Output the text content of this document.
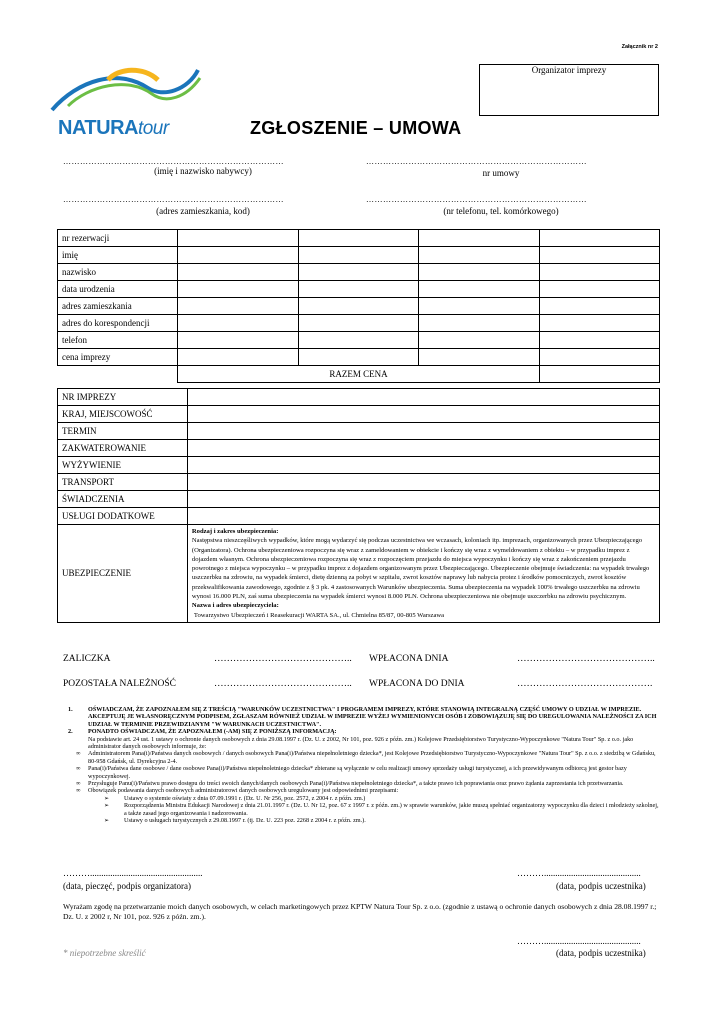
Załącznik nr 2
Organizator imprezy
NATURAtour	ZGŁOSZENIE – UMOWA
……………………………………………………………………
(imię i nazwisko nabywcy)
……………………………………………………………………
nr umowy
……………………………………………………………………
(adres zamieszkania, kod)
……………………………………………………………………
(nr telefonu, tel. komórkowego)
nr rezerwacji				
imię				
nazwisko				
data urodzenia				
adres zamieszkania				
adres do korespondencji				
telefon				
cena imprezy				
	RAZEM CENA			
NR IMPREZY	
KRAJ, MIEJSCOWOŚĆ	
TERMIN	
ZAKWATEROWANIE	
WYŻYWIENIE	
TRANSPORT	
ŚWIADCZENIA	
USŁUGI DODATKOWE	
UBEZPIECZENIE	Rodzaj i zakres ubezpieczenia:
Następstwa nieszczęśliwych wypadków, które mogą wydarzyć się podczas uczestnictwa we wczasach, koloniach itp. imprezach, organizowanych przez Ubezpieczającego (Organizatora). Ochrona ubezpieczeniowa rozpoczyna się wraz z zameldowaniem w obiekcie i kończy się wraz z wymeldowaniem z obiektu – w przypadku imprez z dojazdem własnym. Ochrona ubezpieczeniowa rozpoczyna się wraz z rozpoczęciem przejazdu do miejsca wypoczynku i kończy się wraz z zakończeniem przejazdu powrotnego z miejsca wypoczynku – w przypadku imprez z dojazdem organizowanym przez Ubezpieczającego. Ubezpieczenie obejmuje świadczenia: na wypadek trwałego uszczerbku na zdrowiu, na wypadek śmierci, dietę dzienną za pobyt w szpitalu, zwrot kosztów naprawy lub nabycia protez i środków pomocniczych, zwrot kosztów przekwalifikowania zawodowego, zgodnie z § 3 pk. 4 zastosowanych Warunków ubezpieczenia. Suma ubezpieczenia na wypadek 100% trwałego uszczerbku na zdrowiu wynosi 16.000 PLN, zaś suma ubezpieczenia na wypadek śmierci wynosi 8.000 PLN. Ochrona ubezpieczeniowa nie obejmuje uszczerbku na zdrowiu psychicznym.
Nazwa i adres ubezpieczyciela:
Towarzystwo Ubezpieczeń i Reasekuracji WARTA SA., ul. Chmielna 85/87, 00-805 Warszawa
ZALICZKA	…………………………………….. WPŁACONA DNIA	……………………………………..
POZOSTAŁA NALEŻNOŚĆ	…………………………………….. WPŁACONA DO DNIA	…………………………………….
1. OŚWIADCZAM, ŻE ZAPOZNAŁEM SIĘ Z TREŚCIĄ "WARUNKÓW UCZESTNICTWA" I PROGRAMEM IMPREZY, KTÓRE STANOWIĄ INTEGRALNĄ CZĘŚĆ UMOWY O UDZIAŁ W IMPREZIE. AKCEPTUJĘ JE WŁASNORĘCZNYM PODPISEM, ZGŁASZAM RÓWNIEŻ UDZIAŁ W IMPREZIE WYŻEJ WYMIENIONYCH OSÓB I ZOBOWIĄZUJĘ SIĘ DO UREGULOWANIA NALEŻNOŚCI ZA ICH UDZIAŁ W TERMINIE PRZEWIDZIANYM "W WARUNKACH UCZESTNICTWA".
2. PONADTO OŚWIADCZAM, ŻE ZAPOZNAŁEM (-AM) SIĘ Z PONIŻSZĄ INFORMACJĄ:
Na podstawie art. 24 ust. 1 ustawy o ochronie danych osobowych z dnia 29.08.1997 r. (Dz. U. z 2002, Nr 101, poz. 926 z późn. zm.) Kolejowe Przedsiębiorstwo Turystyczno-Wypoczynkowe "Natura Tour" Sp. z o.o. jako administrator danych osobowych informuje, że:
∞	Administratorem Pana(i)/Państwa danych osobowych / danych osobowych Pana(i)/Państwa niepełnoletniego dziecka*, jest Kolejowe Przedsiębiorstwo Turystyczno-Wypoczynkowe "Natura Tour" Sp. z o.o. z siedzibą w Gdańsku, 80-958 Gdańsk, ul. Dyrekcyjna 2-4.
∞	Pana(i)/Państwa dane osobowe / dane osobowe Pana(i)/Państwa niepełnoletniego dziecka* zbierane są wyłącznie w celu realizacji umowy sprzedaży usługi turystycznej, a ich przewidywanym odbiorcą jest gestor bazy wypoczynkowej.
∞	Przysługuje Panu(i)/Państwu prawo dostępu do treści swoich danych/danych osobowych Pana(i)/Państwa niepełnoletniego dziecka*, a także prawo ich poprawiania oraz prawo żądania zaprzestania ich przetwarzania.
∞	Obowiązek podawania danych osobowych administratorowi danych osobowych uregulowany jest odpowiednimi przepisami:
➢	Ustawy o systemie oświaty z dnia 07.09.1991 r. (Dz. U. Nr 256, poz. 2572, z 2004 r. z późn. zm.)
➢	Rozporządzenia Ministra Edukacji Narodowej z dnia 21.01.1997 r. (Dz. U. Nr 12, poz. 67 z 1997 r. z późn. zm.) w sprawie warunków, jakie muszą spełniać organizatorzy wypoczynku dla dzieci i młodzieży szkolnej, a także zasad jego organizowania i nadzorowania.
➢	Ustawy o usługach turystycznych z 29.08.1997 r. (tj. Dz. U. 223 poz. 2268 z 2004 r. z późn. zm.).
………..................................................	………...........................................
(data, pieczęć, podpis organizatora)	(data, podpis uczestnika)
Wyrażam zgodę na przetwarzanie moich danych osobowych, w celach marketingowych przez KPTW Natura Tour Sp. z o.o. (zgodnie z ustawą o ochronie danych osobowych z dnia 28.08.1997 r.; Dz. U. z 2002 r, Nr 101, poz. 926 z późn. zm.).
………...........................................
* niepotrzebne skreślić	(data, podpis uczestnika)
